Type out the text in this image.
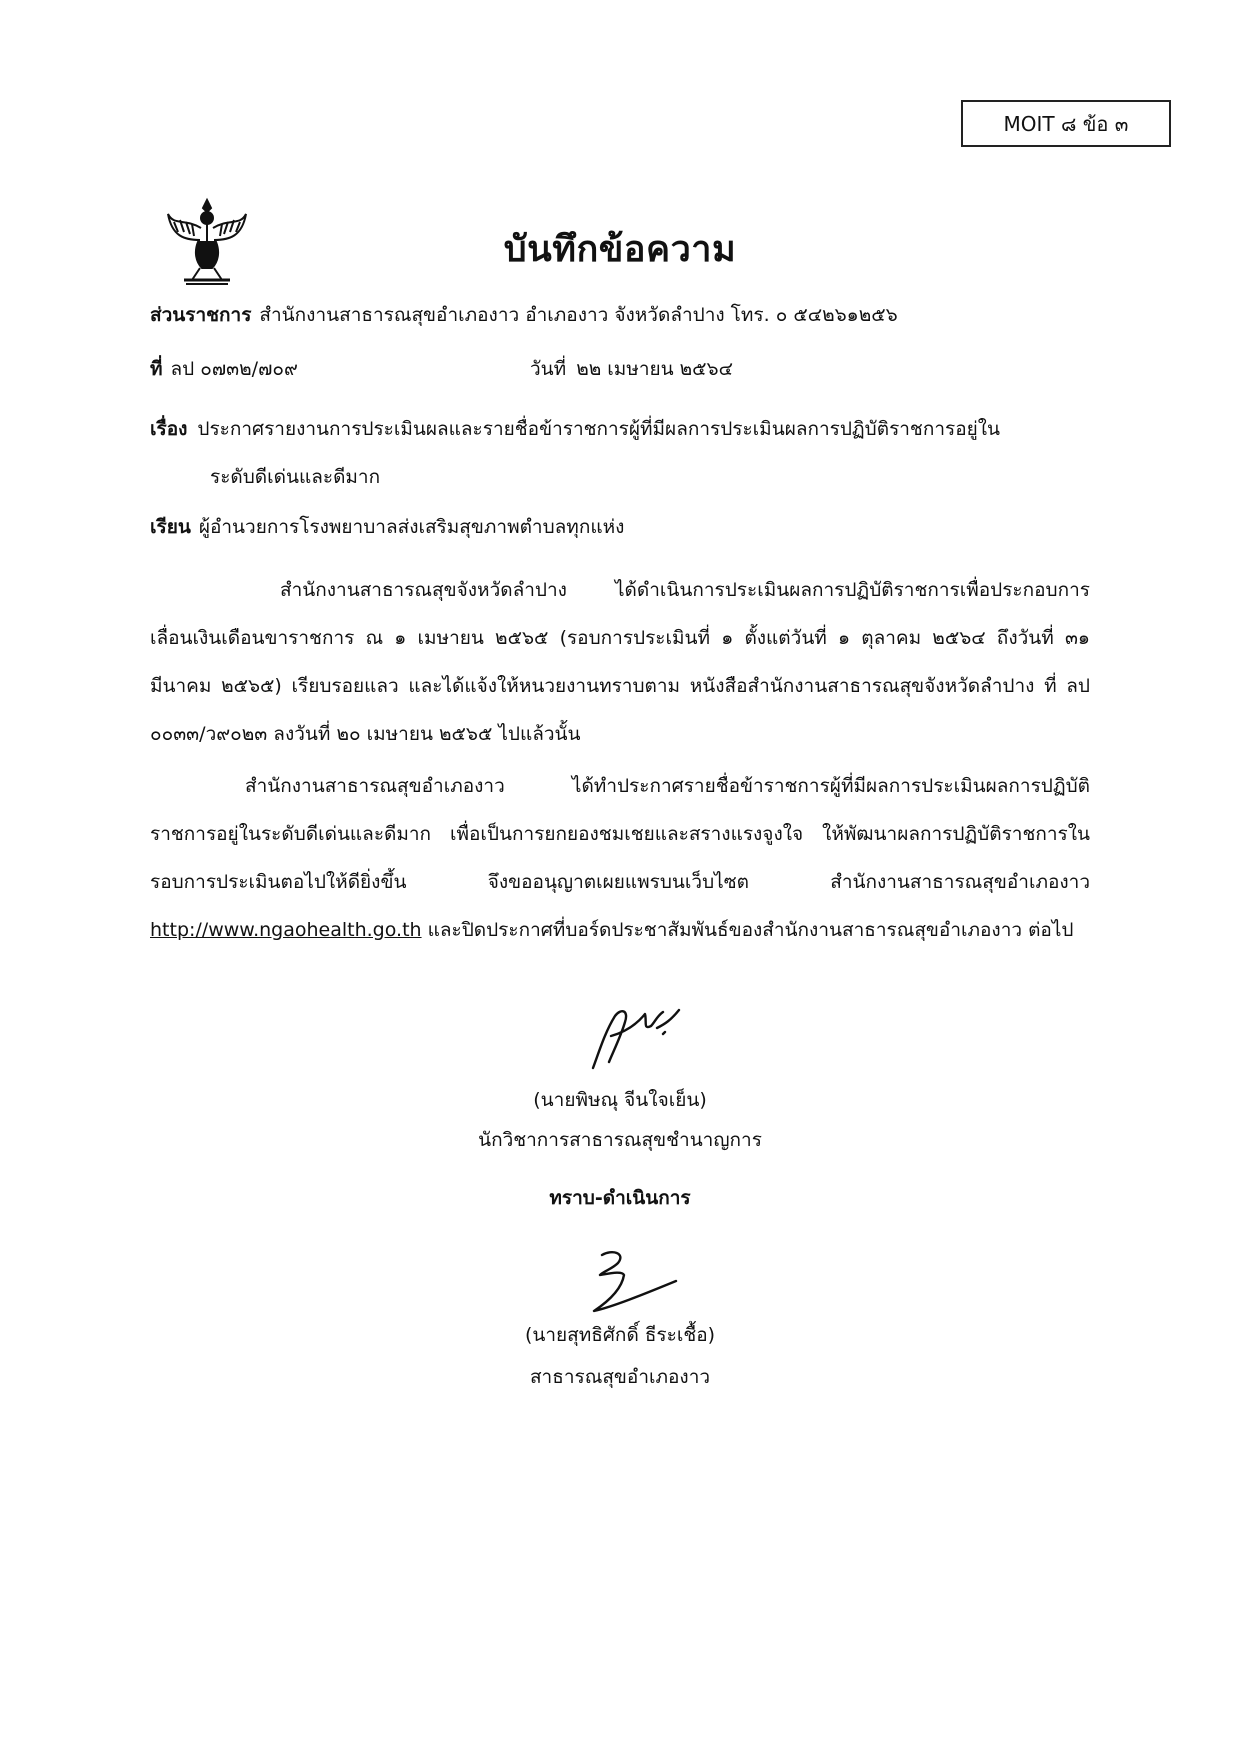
MOIT ๘ ข้อ ๓
บันทึกข้อความ
ส่วนราชการ สำนักงานสาธารณสุขอำเภองาว อำเภองาว จังหวัดลำปาง โทร. ๐ ๕๔๒๖๑๒๕๖
ที่ ลป ๐๗๓๒/๗๐๙	วันที่ ๒๒ เมษายน ๒๕๖๔
เรื่อง ประกาศรายงานการประเมินผลและรายชื่อข้าราชการผู้ที่มีผลการประเมินผลการปฏิบัติราชการอยู่ใน
ระดับดีเด่นและดีมาก
เรียน ผู้อำนวยการโรงพยาบาลส่งเสริมสุขภาพตำบลทุกแห่ง
สำนักงานสาธารณสุขจังหวัดลำปาง ได้ดำเนินการประเมินผลการปฏิบัติราชการเพื่อประกอบการเลื่อนเงินเดือนขาราชการ ณ ๑ เมษายน ๒๕๖๕ (รอบการประเมินที่ ๑ ตั้งแต่วันที่ ๑ ตุลาคม ๒๕๖๔ ถึงวันที่ ๓๑ มีนาคม ๒๕๖๕) เรียบรอยแลว และได้แจ้งให้หนวยงานทราบตาม หนังสือสำนักงานสาธารณสุขจังหวัดลำปาง ที่ ลป ๐๐๓๓/ว๙๐๒๓ ลงวันที่ ๒๐ เมษายน ๒๕๖๕ ไปแล้วนั้น
สำนักงานสาธารณสุขอำเภองาว ได้ทำประกาศรายชื่อข้าราชการผู้ที่มีผลการประเมินผลการปฏิบัติราชการอยู่ในระดับดีเด่นและดีมาก เพื่อเป็นการยกยองชมเชยและสรางแรงจูงใจ ให้พัฒนาผลการปฏิบัติราชการในรอบการประเมินตอไปให้ดียิ่งขึ้น จึงขออนุญาตเผยแพรบนเว็บไซต สำนักงานสาธารณสุขอำเภองาว http://www.ngaohealth.go.th และปิดประกาศที่บอร์ดประชาสัมพันธ์ของสำนักงานสาธารณสุขอำเภองาว ต่อไป
(นายพิษณุ จีนใจเย็น)
นักวิชาการสาธารณสุขชำนาญการ
ทราบ-ดำเนินการ
(นายสุทธิศักดิ์ ธีระเชื้อ)
สาธารณสุขอำเภองาว
